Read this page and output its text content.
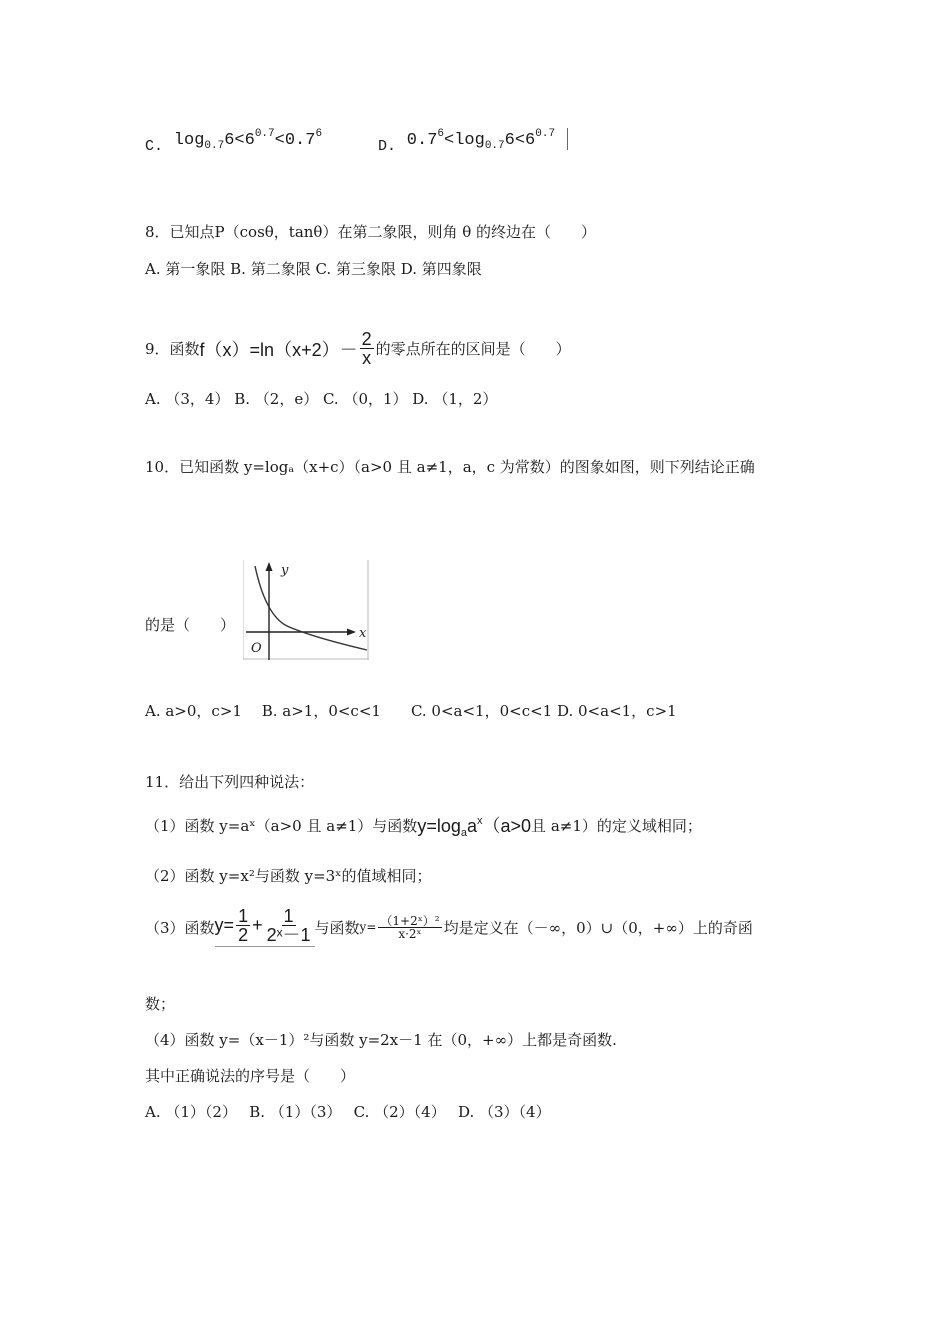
C. $\log_{0.7}6<6^{0.7}<0.7^6$
D. $0.7^6<\log_{0.7}6<6^{0.7}$
8．已知点P（cosθ，tanθ）在第二象限，则角 θ 的终边在（　　）
A. 第一象限 B. 第二象限 C. 第三象限 D. 第四象限
9．函数 $f(x)=\ln(x+2)- \frac{2}{x}$ 的零点所在的区间是（　　）
A. （3，4） B. （2，e） C. （0，1） D. （1，2）
10．已知函数 y=logₐ（x+c）（a>0 且 a≠1，a，c 为常数）的图象如图，则下列结论正确
的是（　　）
y
x
O
A. a>0，c>1　 B. a>1，0<c<1　　C. 0<a<1，0<c<1 D. 0<a<1，c>1
11．给出下列四种说法：
（1）函数 y=aˣ（a>0 且 a≠1）与函数 $y=\log_aa^x(a>0$ 且 a≠1）的定义域相同；
（2）函数 y=x²与函数 y=3ˣ的值域相同；
（3）函数 $y= \frac{1}{2} + \frac{1}{\text{2ˣ－1}}$ 与函数 $y= \frac{\text{（1+2ˣ）²}}{\text{x·2ˣ}}$ 均是定义在（－∞，0）∪（0，+∞）上的奇函
数；
（4）函数 y=（x－1）²与函数 y=2x－1 在（0，+∞）上都是奇函数.
其中正确说法的序号是（　　）
A. （1）（2）　 B. （1）（3）　 C. （2）（4）　 D. （3）（4）
